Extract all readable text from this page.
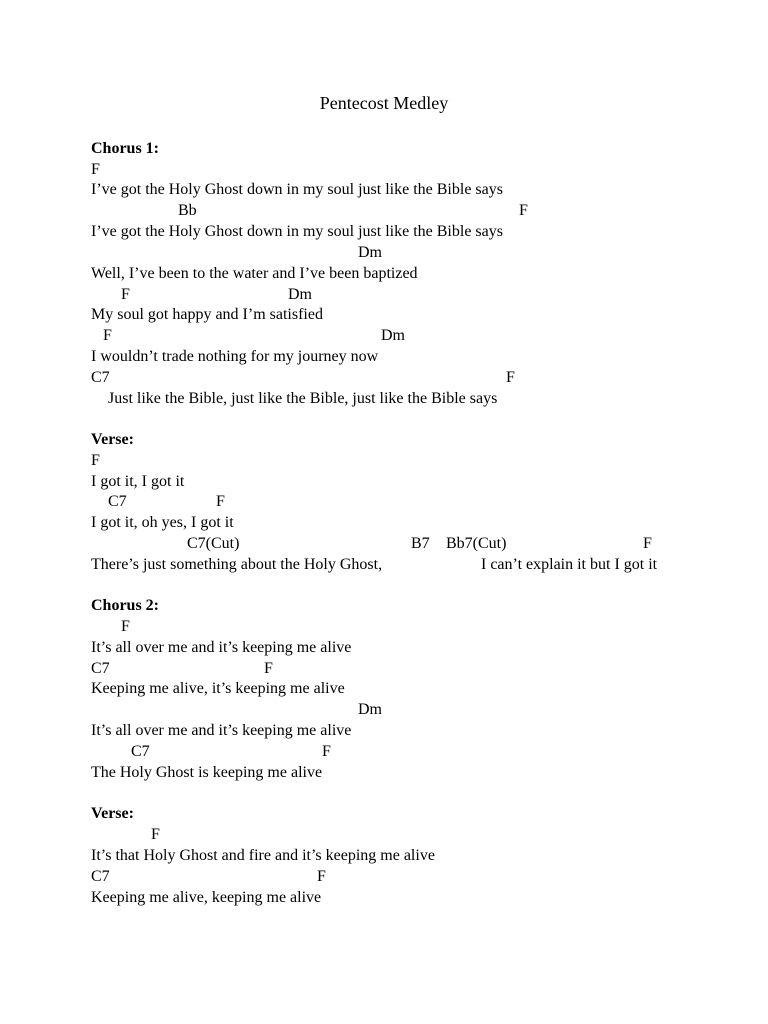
Pentecost Medley
Chorus 1:
F
I’ve got the Holy Ghost down in my soul just like the Bible says
Bb	F
I’ve got the Holy Ghost down in my soul just like the Bible says
Dm
Well, I’ve been to the water and I’ve been baptized
F	Dm
My soul got happy and I’m satisfied
F	Dm
I wouldn’t trade nothing for my journey now
C7	F
Just like the Bible, just like the Bible, just like the Bible says
Verse:
F
I got it, I got it
C7	F
I got it, oh yes, I got it
C7(Cut)	B7 Bb7(Cut)	F
There’s just something about the Holy Ghost,	I can’t explain it but I got it
Chorus 2:
F
It’s all over me and it’s keeping me alive
C7	F
Keeping me alive, it’s keeping me alive
Dm
It’s all over me and it’s keeping me alive
C7	F
The Holy Ghost is keeping me alive
Verse:
F
It’s that Holy Ghost and fire and it’s keeping me alive
C7	F
Keeping me alive, keeping me alive
